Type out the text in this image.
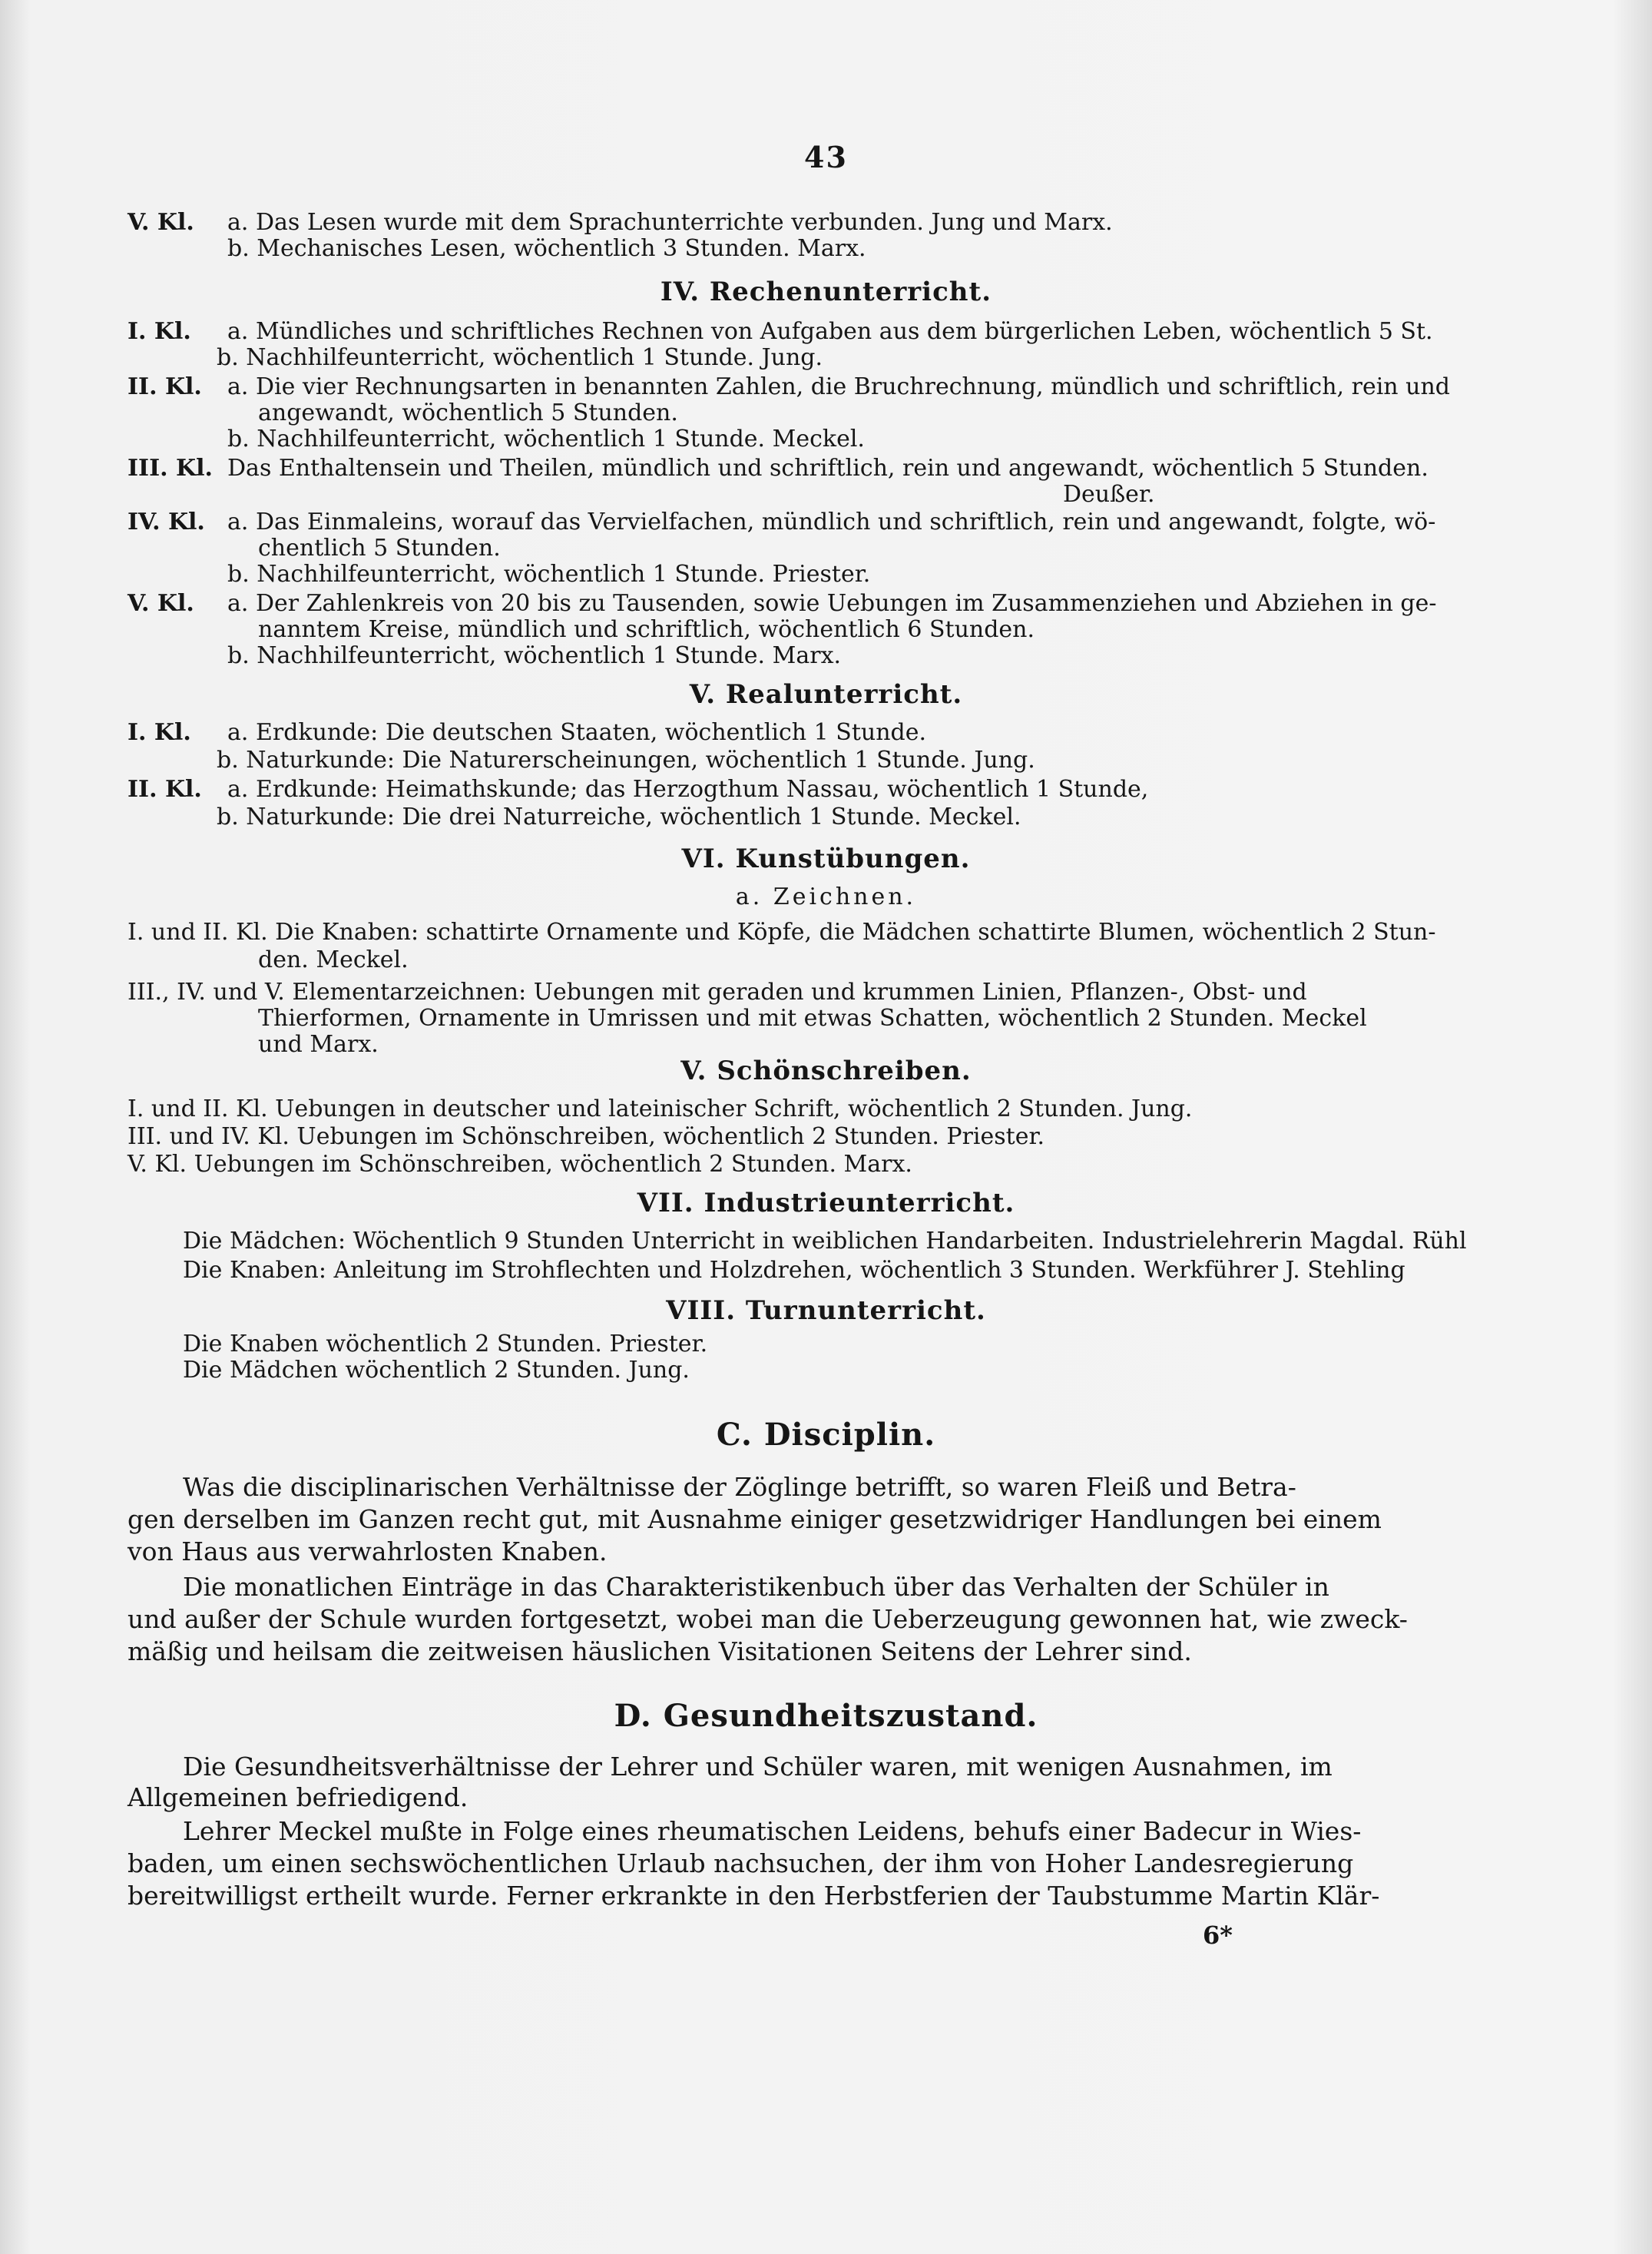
43
V. Kl. a. Das Lesen wurde mit dem Sprachunterrichte verbunden. Jung und Marx.
b. Mechanisches Lesen, wöchentlich 3 Stunden. Marx.
IV. Rechenunterricht.
I. Kl. a. Mündliches und schriftliches Rechnen von Aufgaben aus dem bürgerlichen Leben, wöchentlich 5 St.
b. Nachhilfeunterricht, wöchentlich 1 Stunde. Jung.
II. Kl. a. Die vier Rechnungsarten in benannten Zahlen, die Bruchrechnung, mündlich und schriftlich, rein und
angewandt, wöchentlich 5 Stunden.
b. Nachhilfeunterricht, wöchentlich 1 Stunde. Meckel.
III. Kl. Das Enthaltensein und Theilen, mündlich und schriftlich, rein und angewandt, wöchentlich 5 Stunden.
Deußer.
IV. Kl. a. Das Einmaleins, worauf das Vervielfachen, mündlich und schriftlich, rein und angewandt, folgte, wö-
chentlich 5 Stunden.
b. Nachhilfeunterricht, wöchentlich 1 Stunde. Priester.
V. Kl. a. Der Zahlenkreis von 20 bis zu Tausenden, sowie Uebungen im Zusammenziehen und Abziehen in ge-
nanntem Kreise, mündlich und schriftlich, wöchentlich 6 Stunden.
b. Nachhilfeunterricht, wöchentlich 1 Stunde. Marx.
V. Realunterricht.
I. Kl. a. Erdkunde: Die deutschen Staaten, wöchentlich 1 Stunde.
b. Naturkunde: Die Naturerscheinungen, wöchentlich 1 Stunde. Jung.
II. Kl. a. Erdkunde: Heimathskunde; das Herzogthum Nassau, wöchentlich 1 Stunde,
b. Naturkunde: Die drei Naturreiche, wöchentlich 1 Stunde. Meckel.
VI. Kunstübungen.
a. Zeichnen.
I. und II. Kl. Die Knaben: schattirte Ornamente und Köpfe, die Mädchen schattirte Blumen, wöchentlich 2 Stun-
den. Meckel.
III., IV. und V. Elementarzeichnen: Uebungen mit geraden und krummen Linien, Pflanzen-, Obst- und
Thierformen, Ornamente in Umrissen und mit etwas Schatten, wöchentlich 2 Stunden. Meckel
und Marx.
V. Schönschreiben.
I. und II. Kl. Uebungen in deutscher und lateinischer Schrift, wöchentlich 2 Stunden. Jung.
III. und IV. Kl. Uebungen im Schönschreiben, wöchentlich 2 Stunden. Priester.
V. Kl. Uebungen im Schönschreiben, wöchentlich 2 Stunden. Marx.
VII. Industrieunterricht.
Die Mädchen: Wöchentlich 9 Stunden Unterricht in weiblichen Handarbeiten. Industrielehrerin Magdal. Rühl
Die Knaben: Anleitung im Strohflechten und Holzdrehen, wöchentlich 3 Stunden. Werkführer J. Stehling
VIII. Turnunterricht.
Die Knaben wöchentlich 2 Stunden. Priester.
Die Mädchen wöchentlich 2 Stunden. Jung.
C. Disciplin.
Was die disciplinarischen Verhältnisse der Zöglinge betrifft, so waren Fleiß und Betra-
gen derselben im Ganzen recht gut, mit Ausnahme einiger gesetzwidriger Handlungen bei einem
von Haus aus verwahrlosten Knaben.
Die monatlichen Einträge in das Charakteristikenbuch über das Verhalten der Schüler in
und außer der Schule wurden fortgesetzt, wobei man die Ueberzeugung gewonnen hat, wie zweck-
mäßig und heilsam die zeitweisen häuslichen Visitationen Seitens der Lehrer sind.
D. Gesundheitszustand.
Die Gesundheitsverhältnisse der Lehrer und Schüler waren, mit wenigen Ausnahmen, im
Allgemeinen befriedigend.
Lehrer Meckel mußte in Folge eines rheumatischen Leidens, behufs einer Badecur in Wies-
baden, um einen sechswöchentlichen Urlaub nachsuchen, der ihm von Hoher Landesregierung
bereitwilligst ertheilt wurde. Ferner erkrankte in den Herbstferien der Taubstumme Martin Klär-
6*
